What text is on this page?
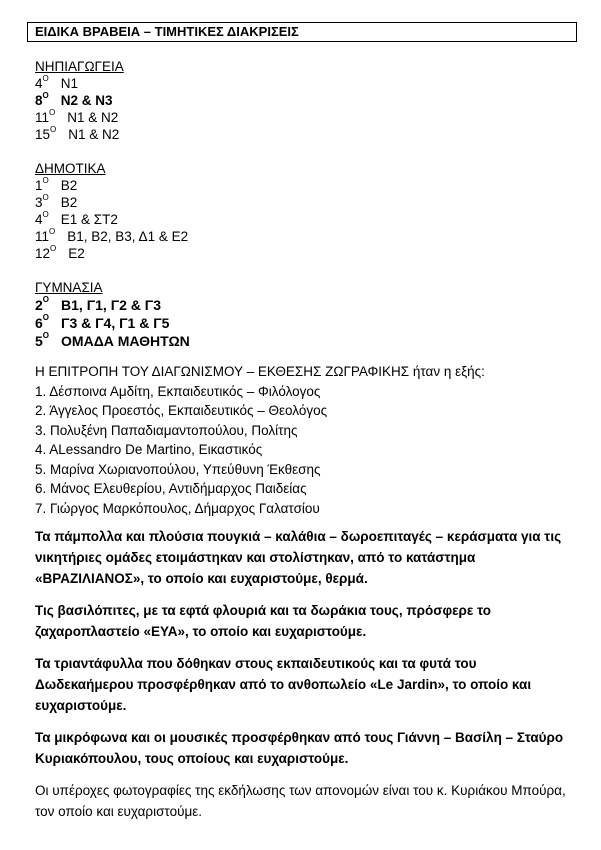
ΕΙΔΙΚΑ ΒΡΑΒΕΙΑ – ΤΙΜΗΤΙΚΕΣ ΔΙΑΚΡΙΣΕΙΣ
ΝΗΠΙΑΓΩΓΕΙΑ
$4^O$ Ν1
$8^O$ Ν2 & Ν3
$11^O$ Ν1 & Ν2
$15^O$ Ν1 & Ν2
ΔΗΜΟΤΙΚΑ
$1^O$ Β2
$3^O$ Β2
$4^O$ Ε1 & ΣΤ2
$11^O$ Β1, Β2, Β3, Δ1 & Ε2
$12^O$ Ε2
ΓΥΜΝΑΣΙΑ
$2^O$ Β1, Γ1, Γ2 & Γ3
$6^O$ Γ3 & Γ4, Γ1 & Γ5
$5^O$ ΟΜΑΔΑ ΜΑΘΗΤΩΝ
Η ΕΠΙΤΡΟΠΗ ΤΟΥ ΔΙΑΓΩΝΙΣΜΟΥ – ΕΚΘΕΣΗΣ ΖΩΓΡΑΦΙΚΗΣ ήταν η εξής:
1. Δέσποινα Αμδίτη, Εκπαιδευτικός – Φιλόλογος
2. Άγγελος Προεστός, Εκπαιδευτικός – Θεολόγος
3. Πολυξένη Παπαδιαμαντοπούλου, Πολίτης
4. ALessandro De Martino, Εικαστικός
5. Μαρίνα Χωριανοπούλου, Υπεύθυνη Έκθεσης
6. Μάνος Ελευθερίου, Αντιδήμαρχος Παιδείας
7. Γιώργος Μαρκόπουλος, Δήμαρχος Γαλατσίου

Τα πάμπολλα και πλούσια πουγκιά – καλάθια – δωροεπιταγές – κεράσματα για τις νικητήριες ομάδες ετοιμάστηκαν και στολίστηκαν, από το κατάστημα «ΒΡΑΖΙΛΙΑΝΟΣ», το οποίο και ευχαριστούμε, θερμά.

Τις βασιλόπιτες, με τα εφτά φλουριά και τα δωράκια τους, πρόσφερε το ζαχαροπλαστείο «ΕΥΑ», το οποίο και ευχαριστούμε.

Τα τριαντάφυλλα που δόθηκαν στους εκπαιδευτικούς και τα φυτά του Δωδεκαήμερου προσφέρθηκαν από το ανθοπωλείο «Le Jardin», το οποίο και ευχαριστούμε.

Τα μικρόφωνα και οι μουσικές προσφέρθηκαν από τους Γιάννη – Βασίλη – Σταύρο Κυριακόπουλου, τους οποίους και ευχαριστούμε.

Οι υπέροχες φωτογραφίες της εκδήλωσης των απονομών είναι του κ. Κυριάκου Μπούρα, τον οποίο και ευχαριστούμε.
